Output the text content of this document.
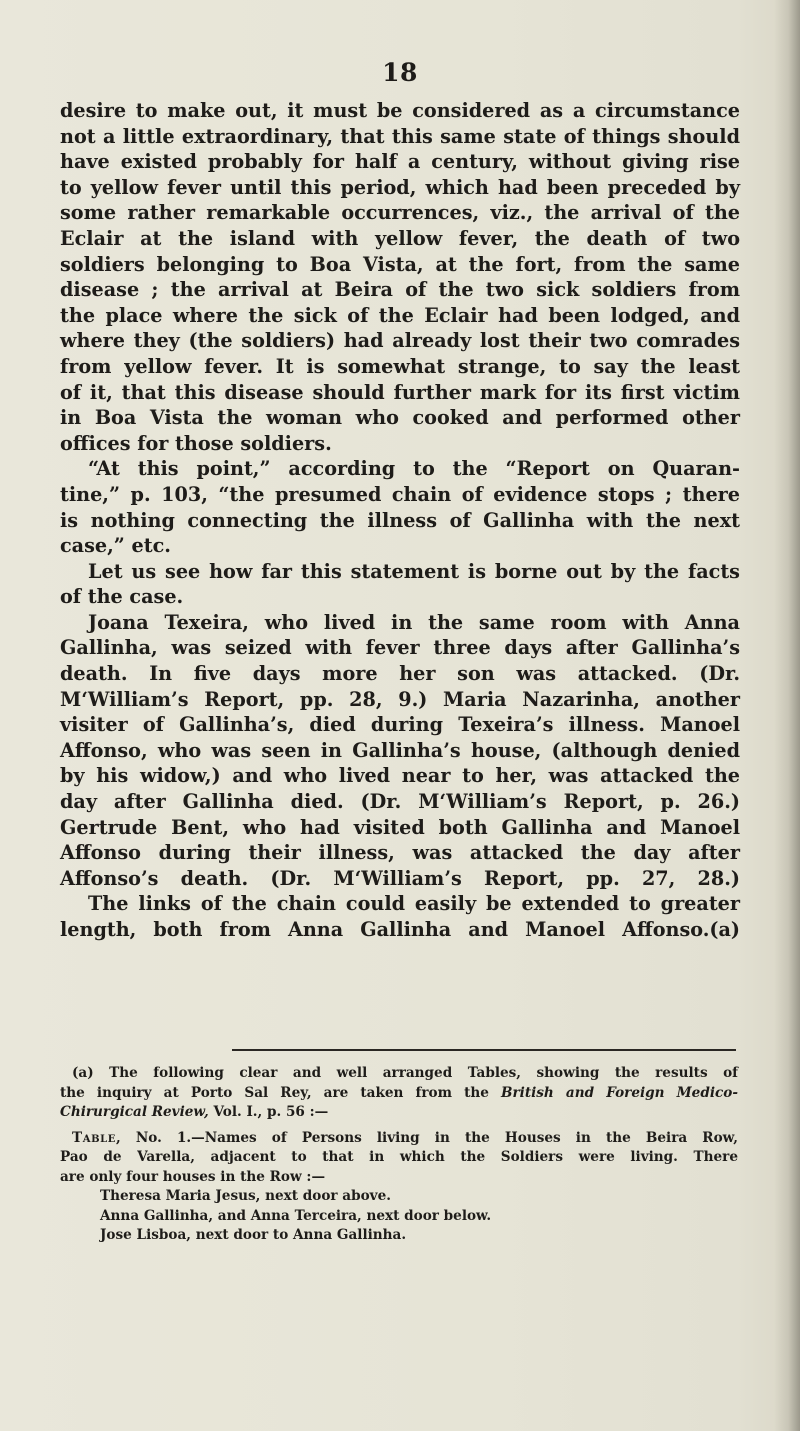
18
desire to make out, it must be considered as a circumstance
not a little extraordinary, that this same state of things should
have existed probably for half a century, without giving rise
to yellow fever until this period, which had been preceded by
some rather remarkable occurrences, viz., the arrival of the
Eclair at the island with yellow fever, the death of two
soldiers belonging to Boa Vista, at the fort, from the same
disease ; the arrival at Beira of the two sick soldiers from
the place where the sick of the Eclair had been lodged, and
where they (the soldiers) had already lost their two comrades
from yellow fever. It is somewhat strange, to say the least
of it, that this disease should further mark for its first victim
in Boa Vista the woman who cooked and performed other
offices for those soldiers.
“At this point,” according to the “Report on Quaran-
tine,” p. 103, “the presumed chain of evidence stops ; there
is nothing connecting the illness of Gallinha with the next
case,” etc.
Let us see how far this statement is borne out by the facts
of the case.
Joana Texeira, who lived in the same room with Anna
Gallinha, was seized with fever three days after Gallinha’s
death. In five days more her son was attacked. (Dr.
M‘William’s Report, pp. 28, 9.) Maria Nazarinha, another
visiter of Gallinha’s, died during Texeira’s illness. Manoel
Affonso, who was seen in Gallinha’s house, (although denied
by his widow,) and who lived near to her, was attacked the
day after Gallinha died. (Dr. M‘William’s Report, p. 26.)
Gertrude Bent, who had visited both Gallinha and Manoel
Affonso during their illness, was attacked the day after
Affonso’s death. (Dr. M‘William’s Report, pp. 27, 28.)
The links of the chain could easily be extended to greater
length, both from Anna Gallinha and Manoel Affonso.(a)
(a) The following clear and well arranged Tables, showing the results of
the inquiry at Porto Sal Rey, are taken from the British and Foreign Medico-
Chirurgical Review, Vol. I., p. 56 :—
Table, No. 1.—Names of Persons living in the Houses in the Beira Row,
Pao de Varella, adjacent to that in which the Soldiers were living. There
are only four houses in the Row :—
Theresa Maria Jesus, next door above.
Anna Gallinha, and Anna Terceira, next door below.
Jose Lisboa, next door to Anna Gallinha.
